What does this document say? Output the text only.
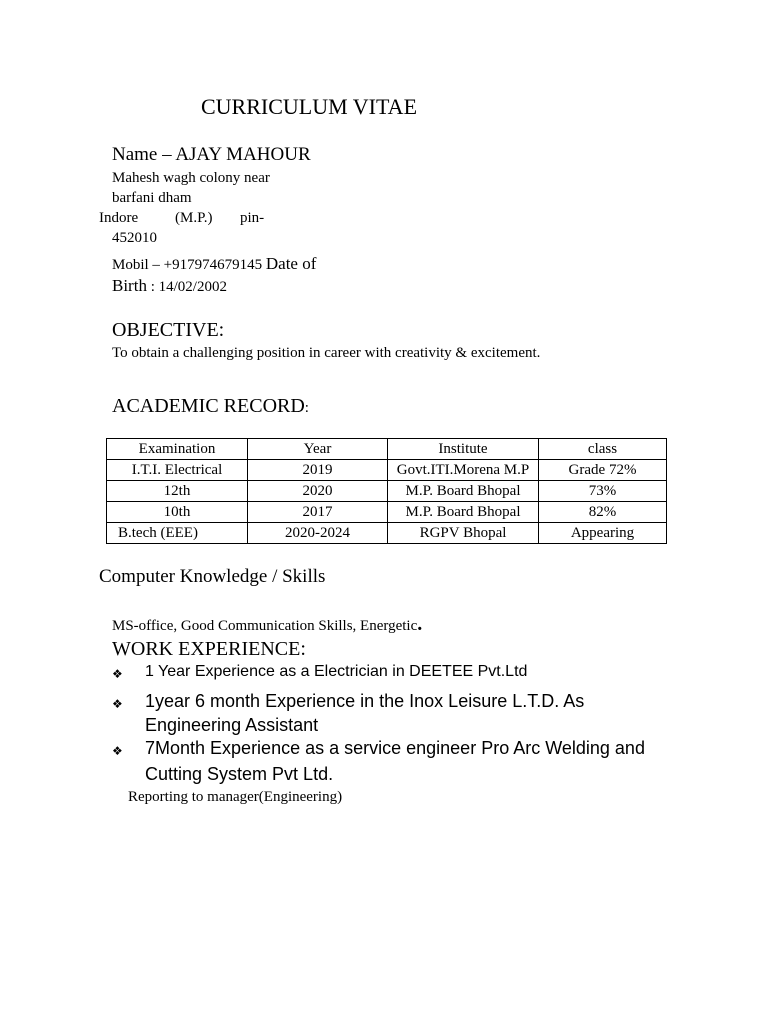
CURRICULUM VITAE
Name – AJAY MAHOUR
Mahesh wagh colony near
barfani dham
Indore (M.P.) pin-
452010
Mobil – +917974679145 Date of
Birth : 14/02/2002
OBJECTIVE:
To obtain a challenging position in career with creativity & excitement.
ACADEMIC RECORD:
Examination	Year	Institute	class
I.T.I. Electrical	2019	Govt.ITI.Morena M.P	Grade 72%
12th	2020	M.P. Board Bhopal	73%
10th	2017	M.P. Board Bhopal	82%
B.tech (EEE)	2020-2024	RGPV Bhopal	Appearing
Computer Knowledge / Skills
MS-office, Good Communication Skills, Energetic.
WORK EXPERIENCE:
❖ 1 Year Experience as a Electrician in DEETEE Pvt.Ltd
❖ 1year 6 month Experience in the Inox Leisure L.T.D. As
Engineering Assistant
❖ 7Month Experience as a service engineer Pro Arc Welding and
Cutting System Pvt Ltd.
Reporting to manager(Engineering)
